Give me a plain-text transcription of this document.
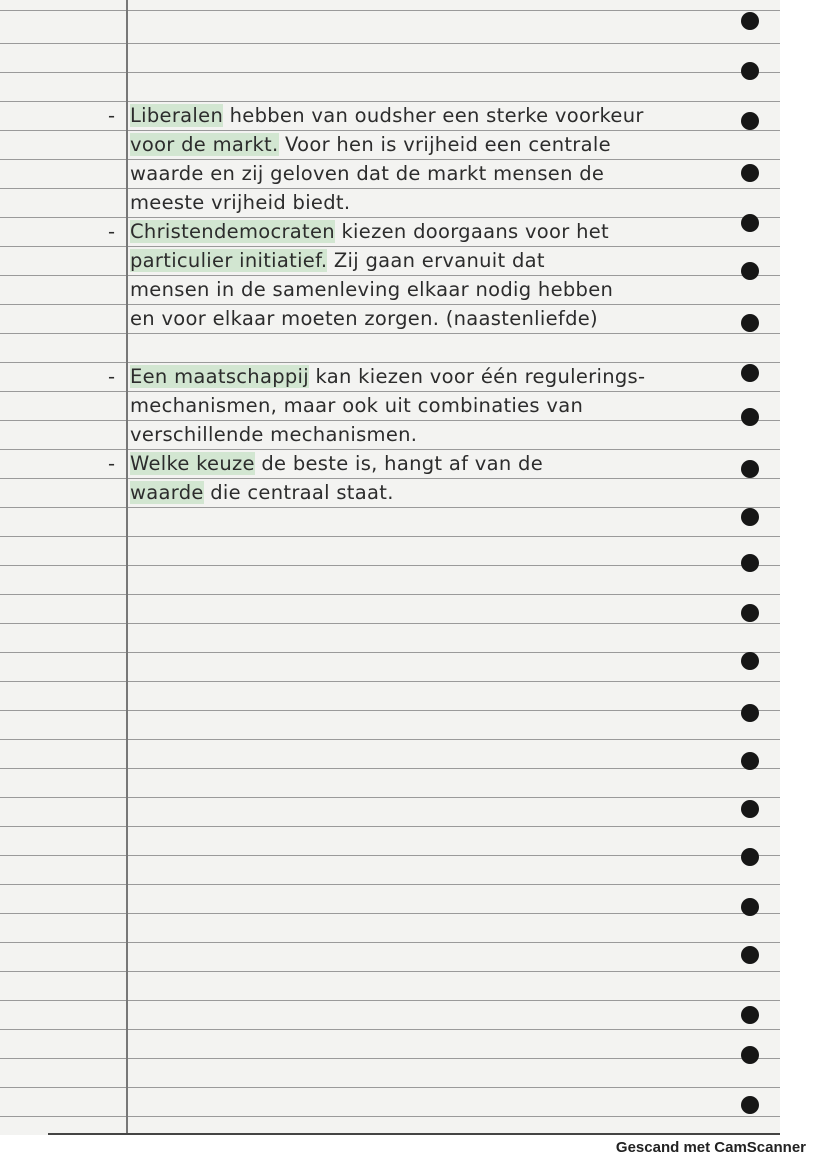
- Liberalen hebben van oudsher een sterke voorkeur
voor de markt. Voor hen is vrijheid een centrale
waarde en zij geloven dat de markt mensen de
meeste vrijheid biedt.
- Christendemocraten kiezen doorgaans voor het
particulier initiatief. Zij gaan ervanuit dat
mensen in de samenleving elkaar nodig hebben
en voor elkaar moeten zorgen. (naastenliefde)
- Een maatschappij kan kiezen voor één regulerings-
mechanismen, maar ook uit combinaties van
verschillende mechanismen.
- Welke keuze de beste is, hangt af van de
waarde die centraal staat.
Gescand met CamScanner
